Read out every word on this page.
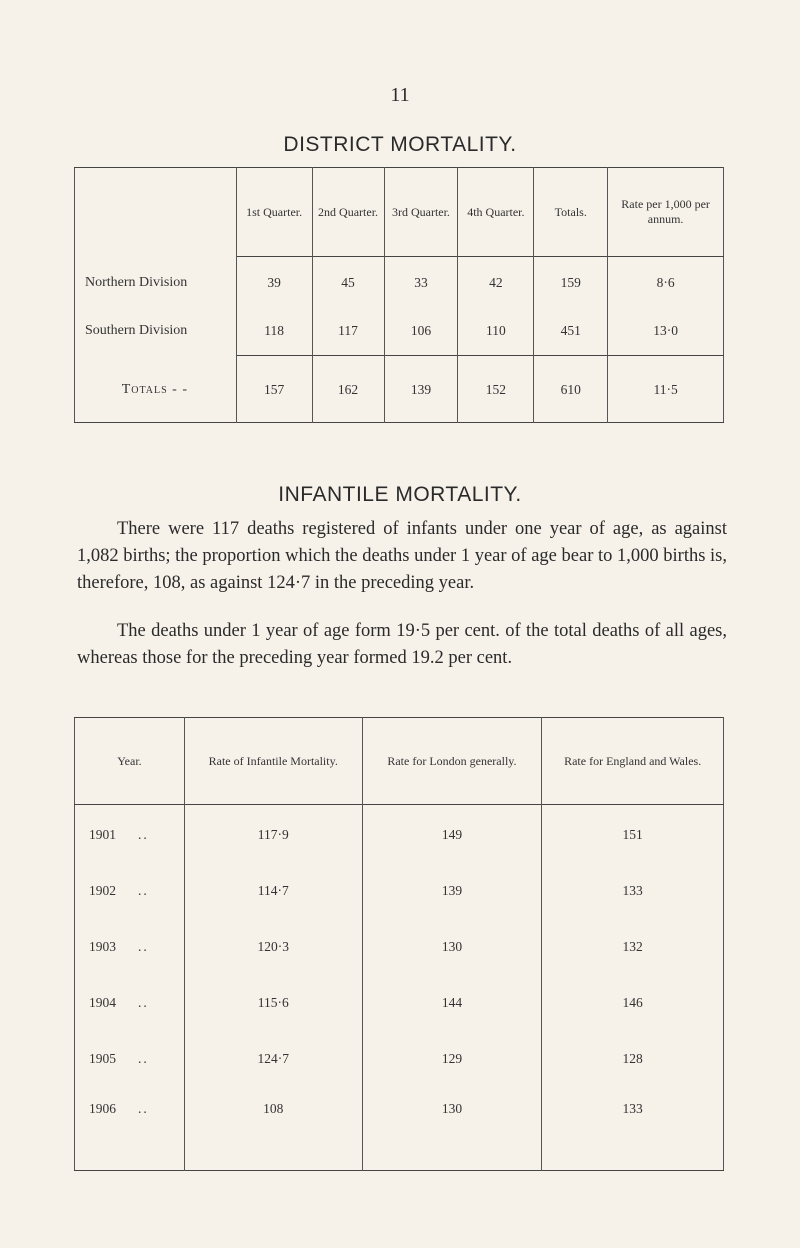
11
DISTRICT MORTALITY.
	1st Quarter.	2nd Quarter.	3rd Quarter.	4th Quarter.	Totals.	Rate per 1,000 per annum.

Northern Division	39	45	33	42	159	8·6
Southern Division	118	117	106	110	451	13·0

Totals - -	157	162	139	152	610	11·5
INFANTILE MORTALITY.
There were 117 deaths registered of infants under one year of age, as against 1,082 births; the proportion which the deaths under 1 year of age bear to 1,000 births is, therefore, 108, as against 124·7 in the preceding year.
The deaths under 1 year of age form 19·5 per cent. of the total deaths of all ages, whereas those for the preceding year formed 19.2 per cent.
Year.	Rate of Infantile Mortality.	Rate for London generally.	Rate for England and Wales.

1901 ..	117·9	149	151
1902 ..	114·7	139	133
1903 ..	120·3	130	132
1904 ..	115·6	144	146
1905 ..	124·7	129	128
1906 ..	108	130	133
